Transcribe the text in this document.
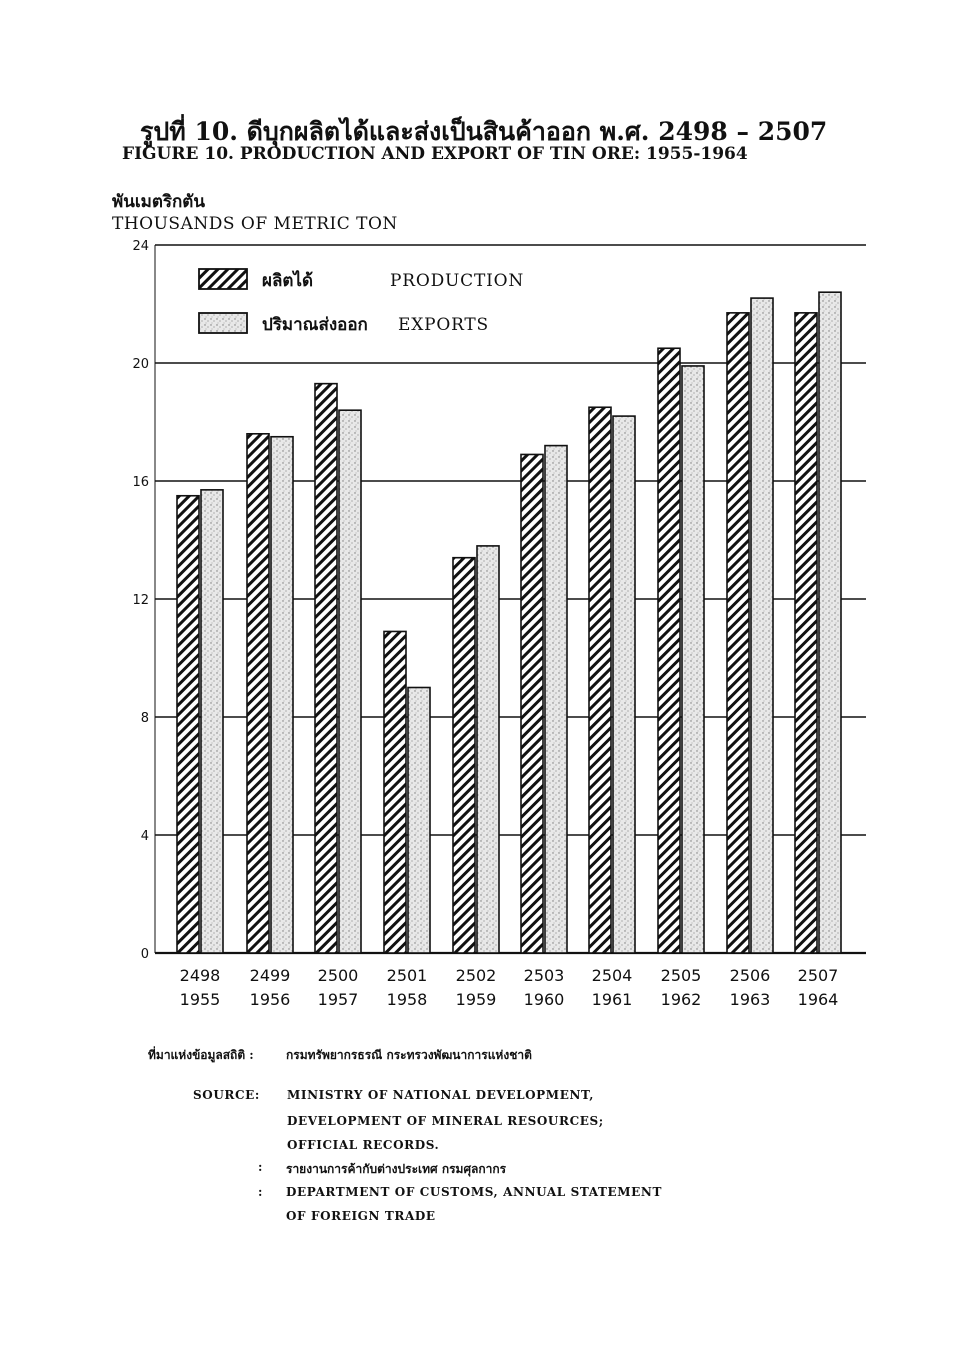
รูปที่ 10. ดีบุกผลิตได้และส่งเป็นสินค้าออก พ.ศ. 2498 – 2507
FIGURE 10. PRODUCTION AND EXPORT OF TIN ORE: 1955-1964
พันเมตริกตัน
THOUSANDS OF METRIC TON
0
4
8
12
16
20
24
2498
1955
2499
1956
2500
1957
2501
1958
2502
1959
2503
1960
2504
1961
2505
1962
2506
1963
2507
1964
ผลิตได้	PRODUCTION
ปริมาณส่งออก EXPORTS
ที่มาแห่งข้อมูลสถิติ :	กรมทรัพยากรธรณี กระทรวงพัฒนาการแห่งชาติ
SOURCE: MINISTRY OF NATIONAL DEVELOPMENT,
DEVELOPMENT OF MINERAL RESOURCES;
OFFICIAL RECORDS.
: รายงานการค้ากับต่างประเทศ กรมศุลกากร
: DEPARTMENT OF CUSTOMS, ANNUAL STATEMENT
OF FOREIGN TRADE
